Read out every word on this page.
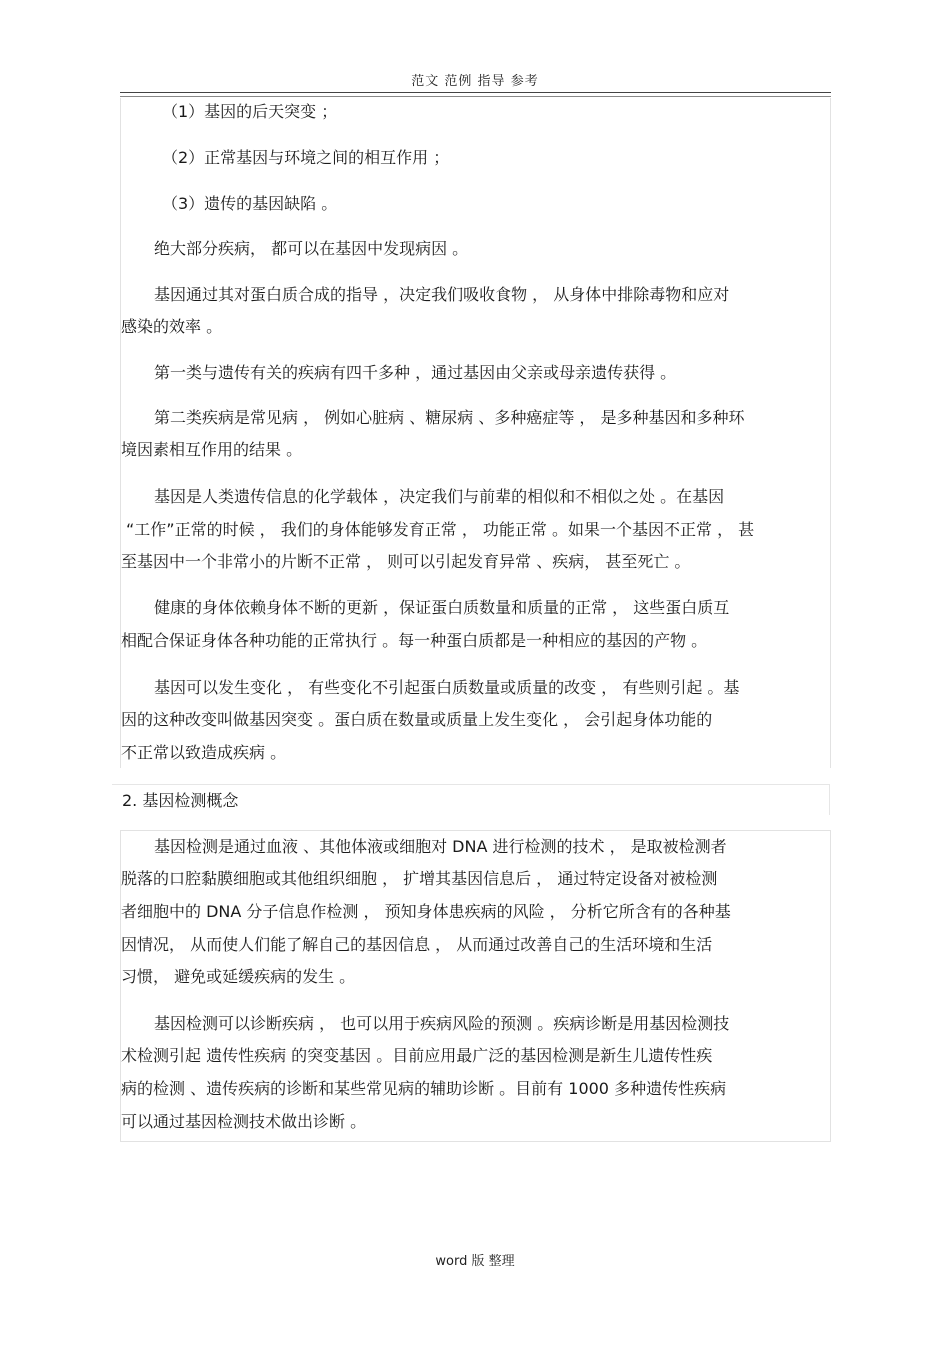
范文 范例 指导 参考
（1）基因的后天突变 ；
（2）正常基因与环境之间的相互作用 ；
（3）遗传的基因缺陷 。
绝大部分疾病， 都可以在基因中发现病因 。
基因通过其对蛋白质合成的指导 ，决定我们吸收食物 ， 从身体中排除毒物和应对
感染的效率 。
第一类与遗传有关的疾病有四千多种 ，通过基因由父亲或母亲遗传获得 。
第二类疾病是常见病 ， 例如心脏病 、糖尿病 、多种癌症等 ， 是多种基因和多种环
境因素相互作用的结果 。
基因是人类遗传信息的化学载体 ，决定我们与前辈的相似和不相似之处 。在基因
“工作”正常的时候 ， 我们的身体能够发育正常 ， 功能正常 。如果一个基因不正常 ， 甚
至基因中一个非常小的片断不正常 ， 则可以引起发育异常 、疾病， 甚至死亡 。
健康的身体依赖身体不断的更新 ，保证蛋白质数量和质量的正常 ， 这些蛋白质互
相配合保证身体各种功能的正常执行 。每一种蛋白质都是一种相应的基因的产物 。
基因可以发生变化 ， 有些变化不引起蛋白质数量或质量的改变 ， 有些则引起 。基
因的这种改变叫做基因突变 。蛋白质在数量或质量上发生变化 ， 会引起身体功能的
不正常以致造成疾病 。
2. 基因检测概念
基因检测是通过血液 、其他体液或细胞对 DNA 进行检测的技术 ， 是取被检测者
脱落的口腔黏膜细胞或其他组织细胞 ， 扩增其基因信息后 ， 通过特定设备对被检测
者细胞中的 DNA 分子信息作检测 ， 预知身体患疾病的风险 ， 分析它所含有的各种基
因情况， 从而使人们能了解自己的基因信息 ， 从而通过改善自己的生活环境和生活
习惯， 避免或延缓疾病的发生 。
基因检测可以诊断疾病 ， 也可以用于疾病风险的预测 。疾病诊断是用基因检测技
术检测引起 遗传性疾病 的突变基因 。目前应用最广泛的基因检测是新生儿遗传性疾
病的检测 、遗传疾病的诊断和某些常见病的辅助诊断 。目前有 1000 多种遗传性疾病
可以通过基因检测技术做出诊断 。
word 版 整理
